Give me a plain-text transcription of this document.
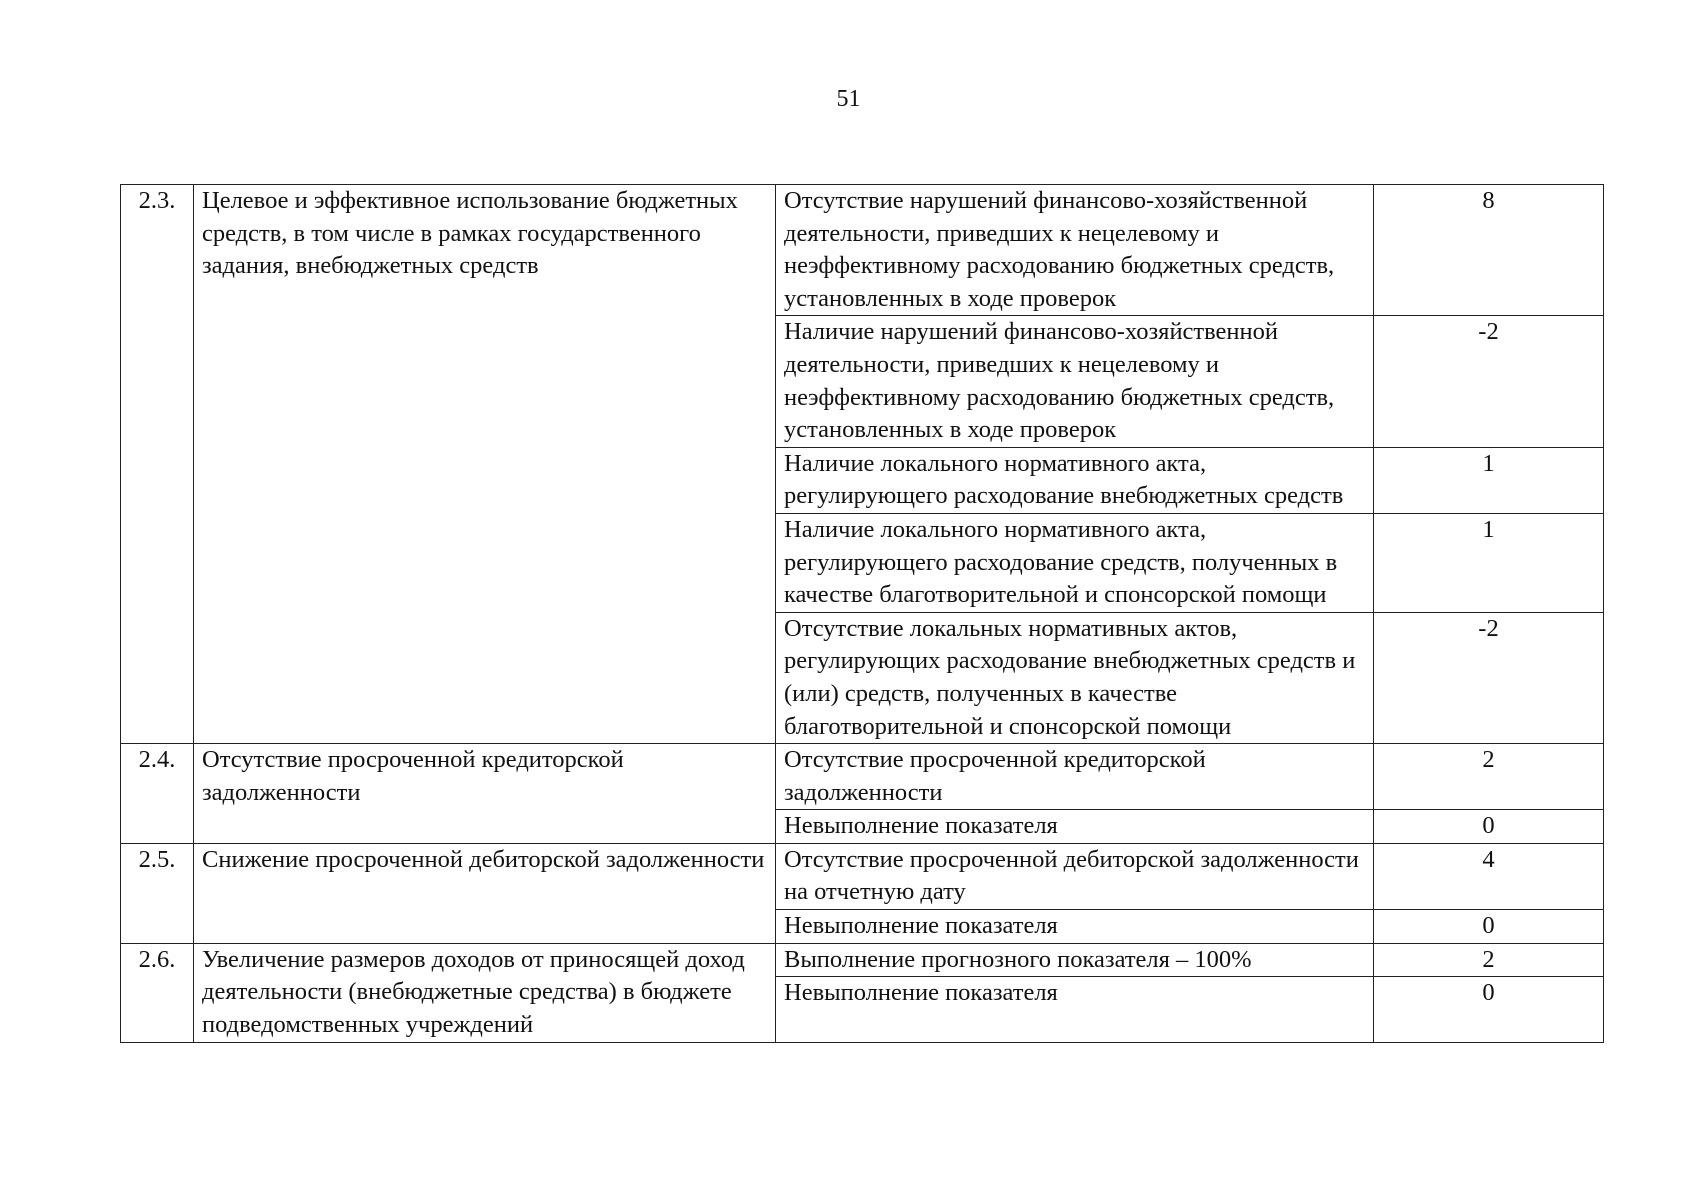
51
2.3.	Целевое и эффективное использование бюджетных средств, в том числе в рамках государственного задания, внебюджетных средств	Отсутствие нарушений финансово-хозяйственной деятельности, приведших к нецелевому и неэффективному расходованию бюджетных средств, установленных в ходе проверок	8
		Наличие нарушений финансово-хозяйственной деятельности, приведших к нецелевому и неэффективному расходованию бюджетных средств, установленных в ходе проверок	-2
		Наличие локального нормативного акта, регулирующего расходование внебюджетных средств	1
		Наличие локального нормативного акта, регулирующего расходование средств, полученных в качестве благотворительной и спонсорской помощи	1
		Отсутствие локальных нормативных актов, регулирующих расходование внебюджетных средств и (или) средств, полученных в качестве благотворительной и спонсорской помощи	-2
2.4.	Отсутствие просроченной кредиторской задолженности	Отсутствие просроченной кредиторской задолженности	2
		Невыполнение показателя	0
2.5.	Снижение просроченной дебиторской задолженности	Отсутствие просроченной дебиторской задолженности на отчетную дату	4
		Невыполнение показателя	0
2.6.	Увеличение размеров доходов от приносящей доход деятельности (внебюджетные средства) в бюджете подведомственных учреждений	Выполнение прогнозного показателя – 100%	2
		Невыполнение показателя	0
